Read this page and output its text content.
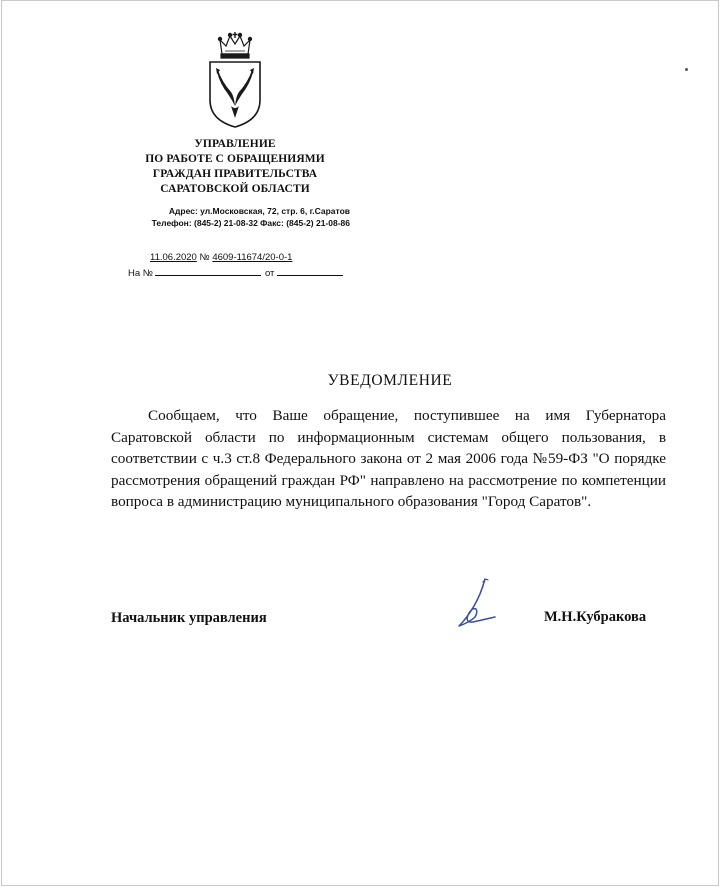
УПРАВЛЕНИЕ
ПО РАБОТЕ С ОБРАЩЕНИЯМИ
ГРАЖДАН ПРАВИТЕЛЬСТВА
САРАТОВСКОЙ ОБЛАСТИ
Адрес: ул.Московская, 72, стр. 6, г.Саратов
Телефон: (845-2) 21-08-32 Факс: (845-2) 21-08-86
11.06.2020 № 4609-11674/20-0-1
На №	от
УВЕДОМЛЕНИЕ

Сообщаем, что Ваше обращение, поступившее на имя Губернатора Саратовской области по информационным системам общего пользования, в соответствии с ч.3 ст.8 Федерального закона от 2 мая 2006 года №59-ФЗ "О порядке рассмотрения обращений граждан РФ" направлено на рассмотрение по компетенции вопроса в администрацию муниципального образования "Город Саратов".

Начальник управления	М.Н.Кубракова
